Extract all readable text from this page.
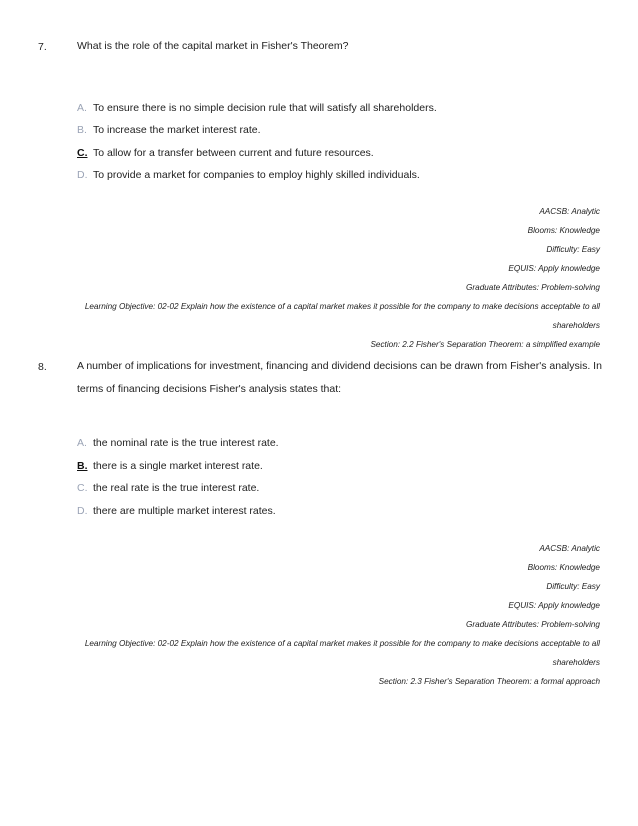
7.	What is the role of the capital market in Fisher's Theorem?
A. To ensure there is no simple decision rule that will satisfy all shareholders.
B. To increase the market interest rate.
C. To allow for a transfer between current and future resources.
D. To provide a market for companies to employ highly skilled individuals.
AACSB: Analytic
Blooms: Knowledge
Difficulty: Easy
EQUIS: Apply knowledge
Graduate Attributes: Problem-solving
Learning Objective: 02-02 Explain how the existence of a capital market makes it possible for the company to make decisions acceptable to all shareholders
Section: 2.2 Fisher's Separation Theorem: a simplified example
8.	A number of implications for investment, financing and dividend decisions can be drawn from Fisher's analysis. In terms of financing decisions Fisher's analysis states that:
A. the nominal rate is the true interest rate.
B. there is a single market interest rate.
C. the real rate is the true interest rate.
D. there are multiple market interest rates.
AACSB: Analytic
Blooms: Knowledge
Difficulty: Easy
EQUIS: Apply knowledge
Graduate Attributes: Problem-solving
Learning Objective: 02-02 Explain how the existence of a capital market makes it possible for the company to make decisions acceptable to all shareholders
Section: 2.3 Fisher's Separation Theorem: a formal approach
